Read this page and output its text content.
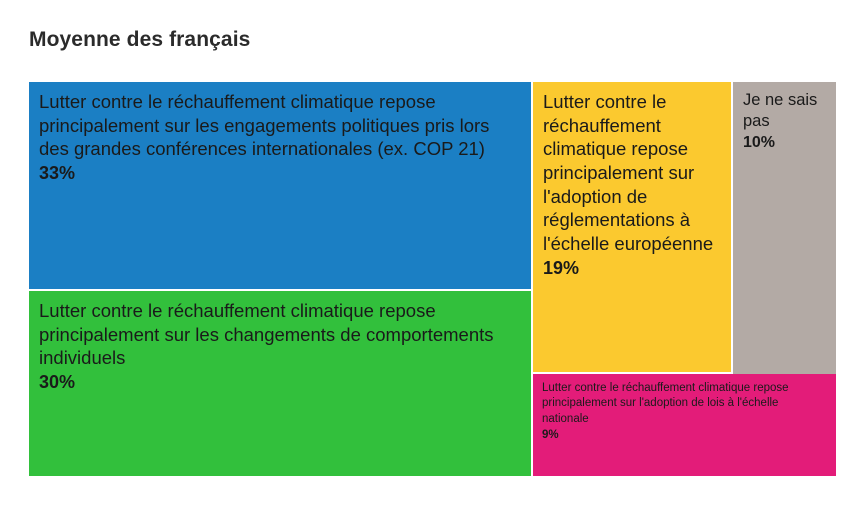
Moyenne des français
Lutter contre le réchauffement climatique repose principalement sur les engagements politiques pris lors des grandes conférences internationales (ex. COP 21)
33%
Lutter contre le réchauffement climatique repose principalement sur les changements de comportements individuels
30%
Lutter contre le réchauffement climatique repose principalement sur l'adoption de réglementations à l'échelle européenne
19%
Je ne sais pas
10%
Lutter contre le réchauffement climatique repose principalement sur l'adoption de lois à l'échelle nationale
9%
